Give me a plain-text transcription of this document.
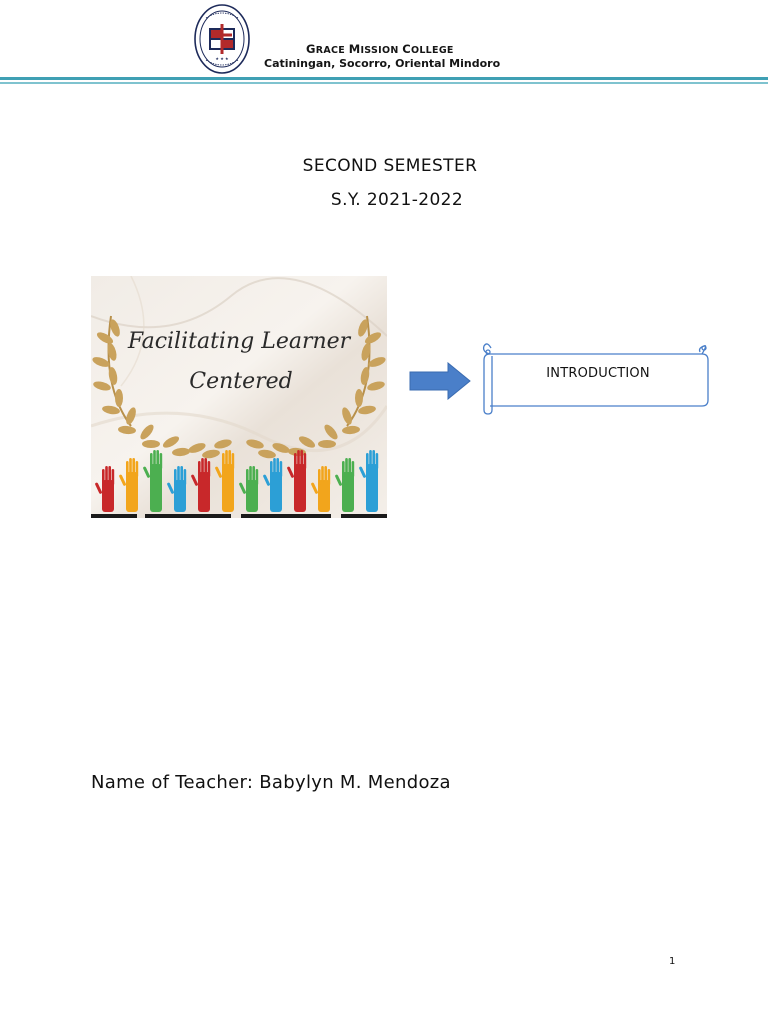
★ ★ ★
GRACE MISSION COLLEGE
Catiningan, Socorro, Oriental Mindoro
SECOND SEMESTER
S.Y. 2021-2022
Facilitating Learner
Centered	INTRODUCTION
Name of Teacher: Babylyn M. Mendoza
1
